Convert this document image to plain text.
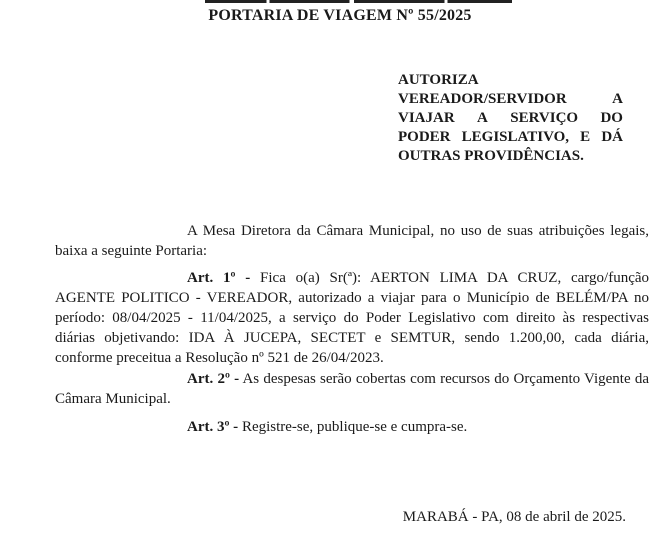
PORTARIA DE VIAGEM Nº 55/2025
AUTORIZA
VEREADOR/SERVIDOR	A
VIAJAR A SERVIÇO DO
PODER LEGISLATIVO, E DÁ
OUTRAS PROVIDÊNCIAS.

A Mesa Diretora da Câmara Municipal, no uso de suas atribuições legais, baixa a seguinte Portaria:

Art. 1º - Fica o(a) Sr(ª): AERTON LIMA DA CRUZ, cargo/função AGENTE POLITICO - VEREADOR, autorizado a viajar para o Município de BELÉM/PA no período: 08/04/2025 - 11/04/2025, a serviço do Poder Legislativo com direito às respectivas diárias objetivando: IDA À JUCEPA, SECTET e SEMTUR, sendo 1.200,00, cada diária, conforme preceitua a Resolução nº 521 de 26/04/2023.

Art. 2º - As despesas serão cobertas com recursos do Orçamento Vigente da Câmara Municipal.

Art. 3º - Registre-se, publique-se e cumpra-se.

MARABÁ - PA, 08 de abril de 2025.
